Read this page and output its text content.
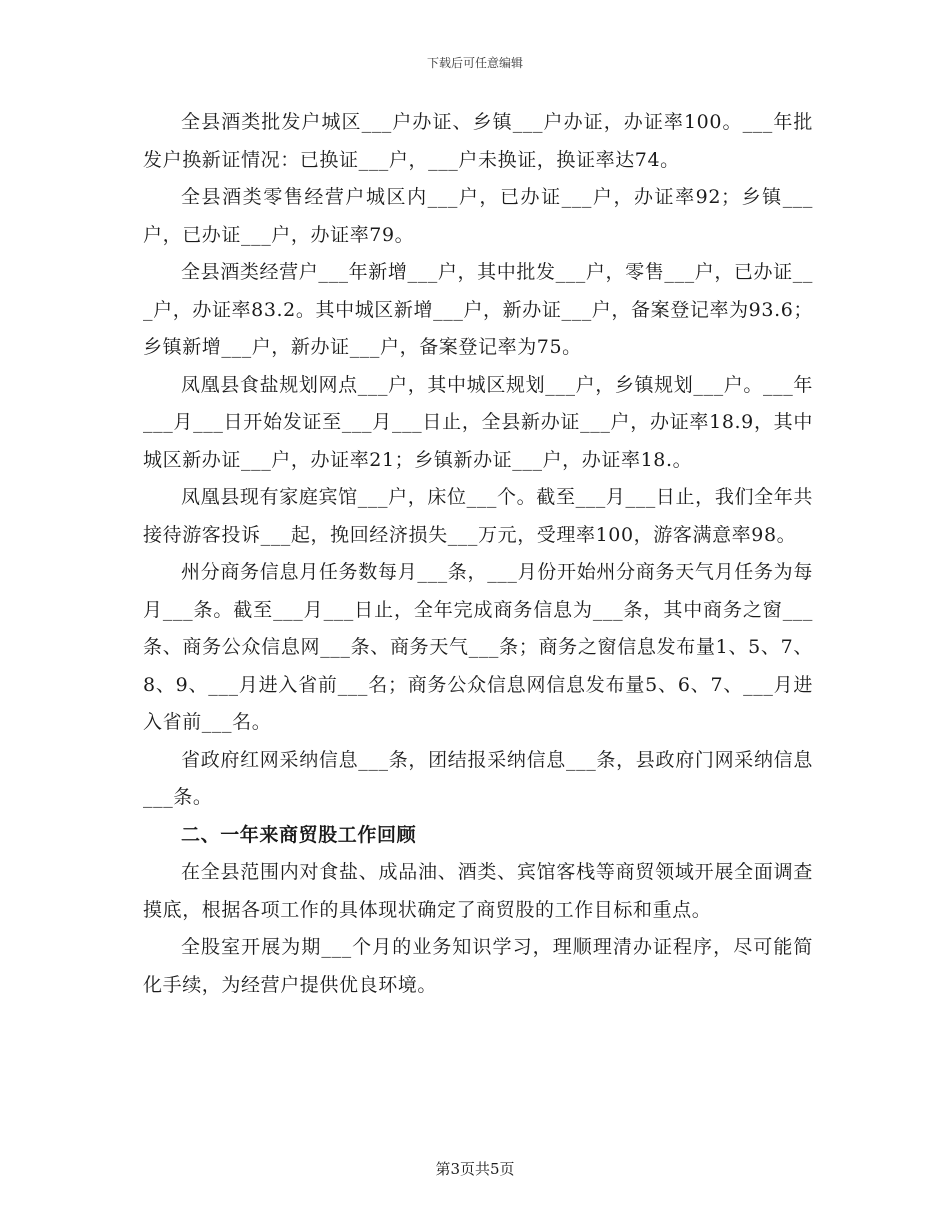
下载后可任意编辑

全县酒类批发户城区___户办证、乡镇___户办证，办证率100。___年批发户换新证情况：已换证___户，___户未换证，换证率达74。

全县酒类零售经营户城区内___户，已办证___户，办证率92；乡镇___户，已办证___户，办证率79。

全县酒类经营户___年新增___户，其中批发___户，零售___户，已办证___户，办证率83.2。其中城区新增___户，新办证___户，备案登记率为93.6；乡镇新增___户，新办证___户，备案登记率为75。

凤凰县食盐规划网点___户，其中城区规划___户，乡镇规划___户。___年___月___日开始发证至___月___日止，全县新办证___户，办证率18.9，其中城区新办证___户，办证率21；乡镇新办证___户，办证率18.。

凤凰县现有家庭宾馆___户，床位___个。截至___月___日止，我们全年共接待游客投诉___起，挽回经济损失___万元，受理率100，游客满意率98。

州分商务信息月任务数每月___条，___月份开始州分商务天气月任务为每月___条。截至___月___日止，全年完成商务信息为___条，其中商务之窗___条、商务公众信息网___条、商务天气___条；商务之窗信息发布量1、5、7、8、9、___月进入省前___名；商务公众信息网信息发布量5、6、7、___月进入省前___名。

省政府红网采纳信息___条，团结报采纳信息___条，县政府门网采纳信息___条。

二、一年来商贸股工作回顾

在全县范围内对食盐、成品油、酒类、宾馆客栈等商贸领域开展全面调查摸底，根据各项工作的具体现状确定了商贸股的工作目标和重点。

全股室开展为期___个月的业务知识学习，理顺理清办证程序，尽可能简化手续，为经营户提供优良环境。

第3页共5页
